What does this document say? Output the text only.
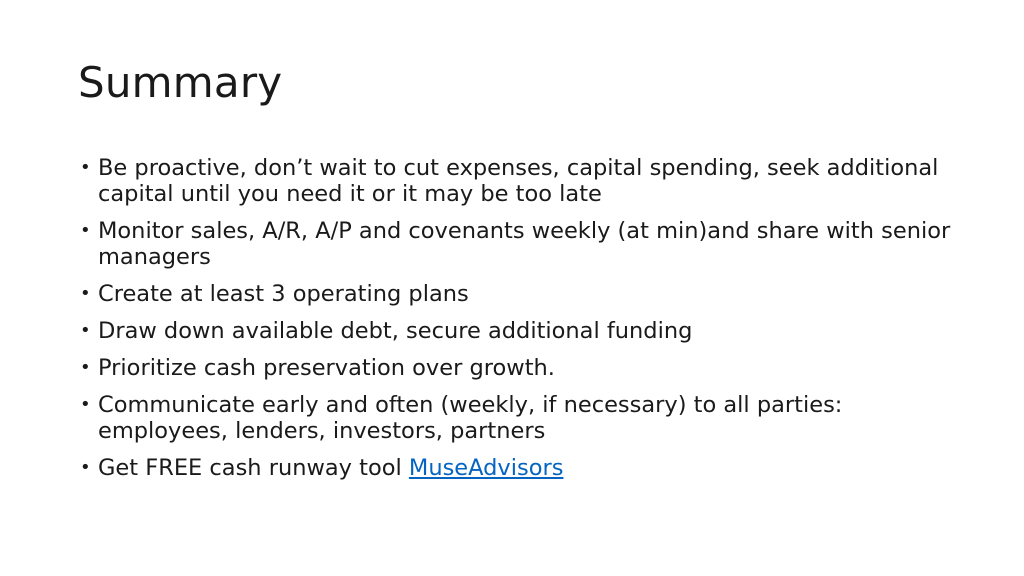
Summary
• Be proactive, don’t wait to cut expenses, capital spending, seek additional capital until you need it or it may be too late
• Monitor sales, A/R, A/P and covenants weekly (at min)and share with senior managers
• Create at least 3 operating plans
• Draw down available debt, secure additional funding
• Prioritize cash preservation over growth.
• Communicate early and often (weekly, if necessary) to all parties: employees, lenders, investors, partners
• Get FREE cash runway tool MuseAdvisors
